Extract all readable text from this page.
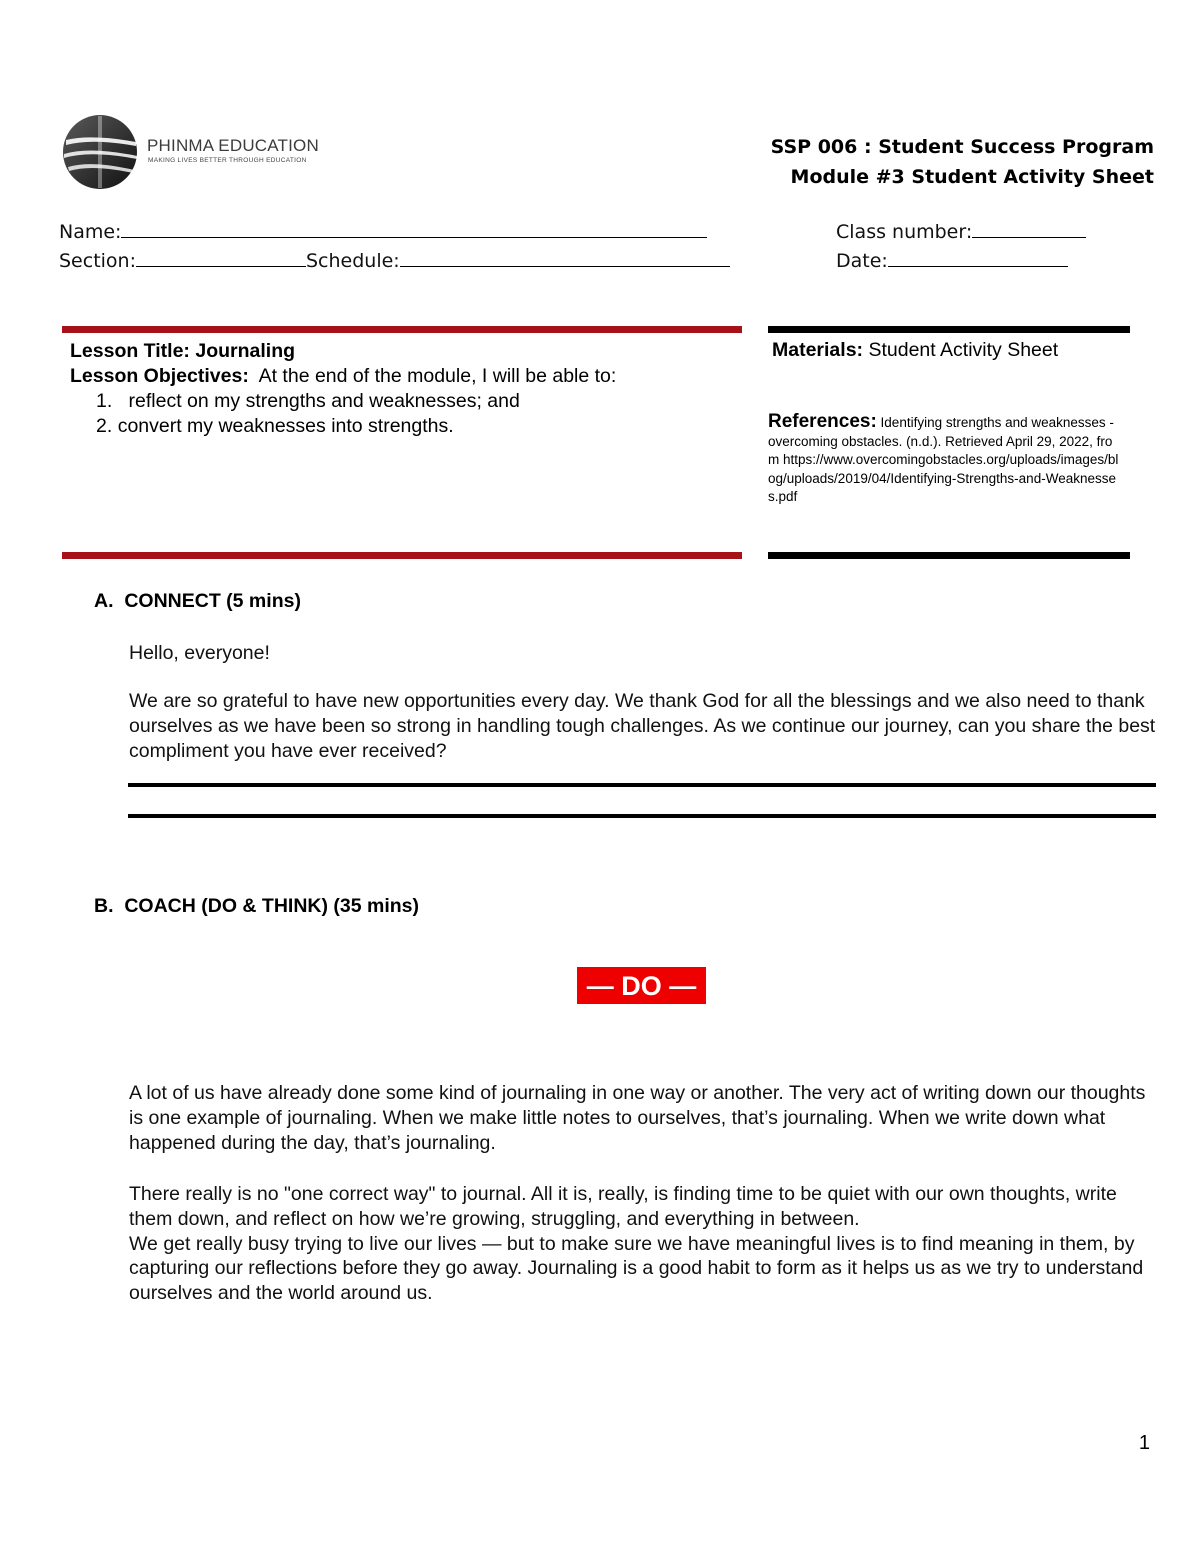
PHINMA EDUCATION
MAKING LIVES BETTER THROUGH EDUCATION
SSP 006 : Student Success Program
Module #3 Student Activity Sheet
Name:
Section:	Schedule:
Class number:
Date:
Lesson Title: Journaling
Lesson Objectives: At the end of the module, I will be able to:
1. reflect on my strengths and weaknesses; and
2. convert my weaknesses into strengths.
Materials: Student Activity Sheet
References: Identifying strengths and weaknesses - overcoming obstacles. (n.d.). Retrieved April 29, 2022, from https://www.overcomingobstacles.org/uploads/images/blog/uploads/2019/04/Identifying-Strengths-and-Weaknesses.pdf
A. CONNECT (5 mins)
Hello, everyone!
We are so grateful to have new opportunities every day. We thank God for all the blessings and we also need to thank ourselves as we have been so strong in handling tough challenges. As we continue our journey, can you share the best compliment you have ever received?
B. COACH (DO & THINK) (35 mins)
— DO —
A lot of us have already done some kind of journaling in one way or another. The very act of writing down our thoughts is one example of journaling. When we make little notes to ourselves, that’s journaling. When we write down what happened during the day, that’s journaling.
There really is no "one correct way" to journal. All it is, really, is finding time to be quiet with our own thoughts, write them down, and reflect on how we’re growing, struggling, and everything in between.
We get really busy trying to live our lives — but to make sure we have meaningful lives is to find meaning in them, by capturing our reflections before they go away. Journaling is a good habit to form as it helps us as we try to understand ourselves and the world around us.
1
